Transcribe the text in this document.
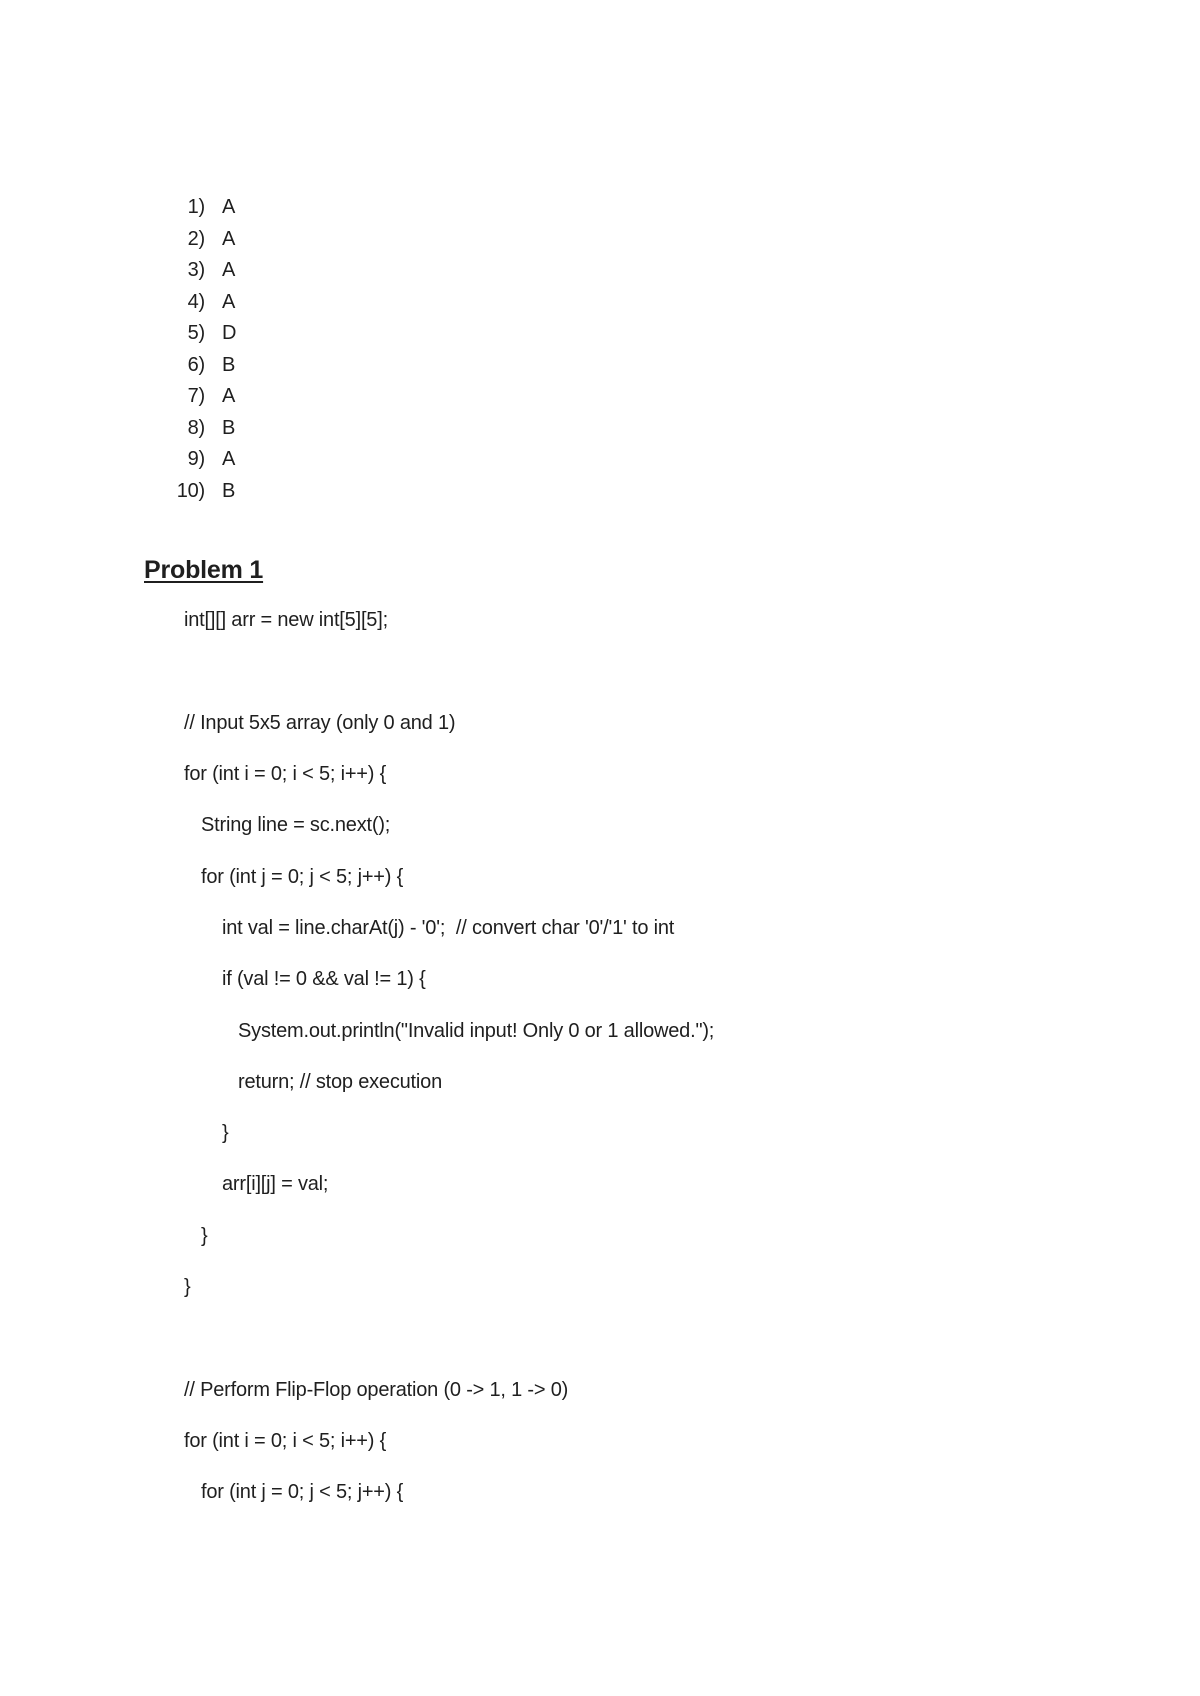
1) A
2) A
3) A
4) A
5) D
6) B
7) A
8) B
9) A
10) B
Problem 1
int[][] arr = new int[5][5];
// Input 5x5 array (only 0 and 1)
for (int i = 0; i < 5; i++) {
String line = sc.next();
for (int j = 0; j < 5; j++) {
int val = line.charAt(j) - '0';  // convert char '0'/'1' to int
if (val != 0 && val != 1) {
System.out.println("Invalid input! Only 0 or 1 allowed.");
return; // stop execution
}
arr[i][j] = val;
}
}
// Perform Flip-Flop operation (0 -> 1, 1 -> 0)
for (int i = 0; i < 5; i++) {
for (int j = 0; j < 5; j++) {
